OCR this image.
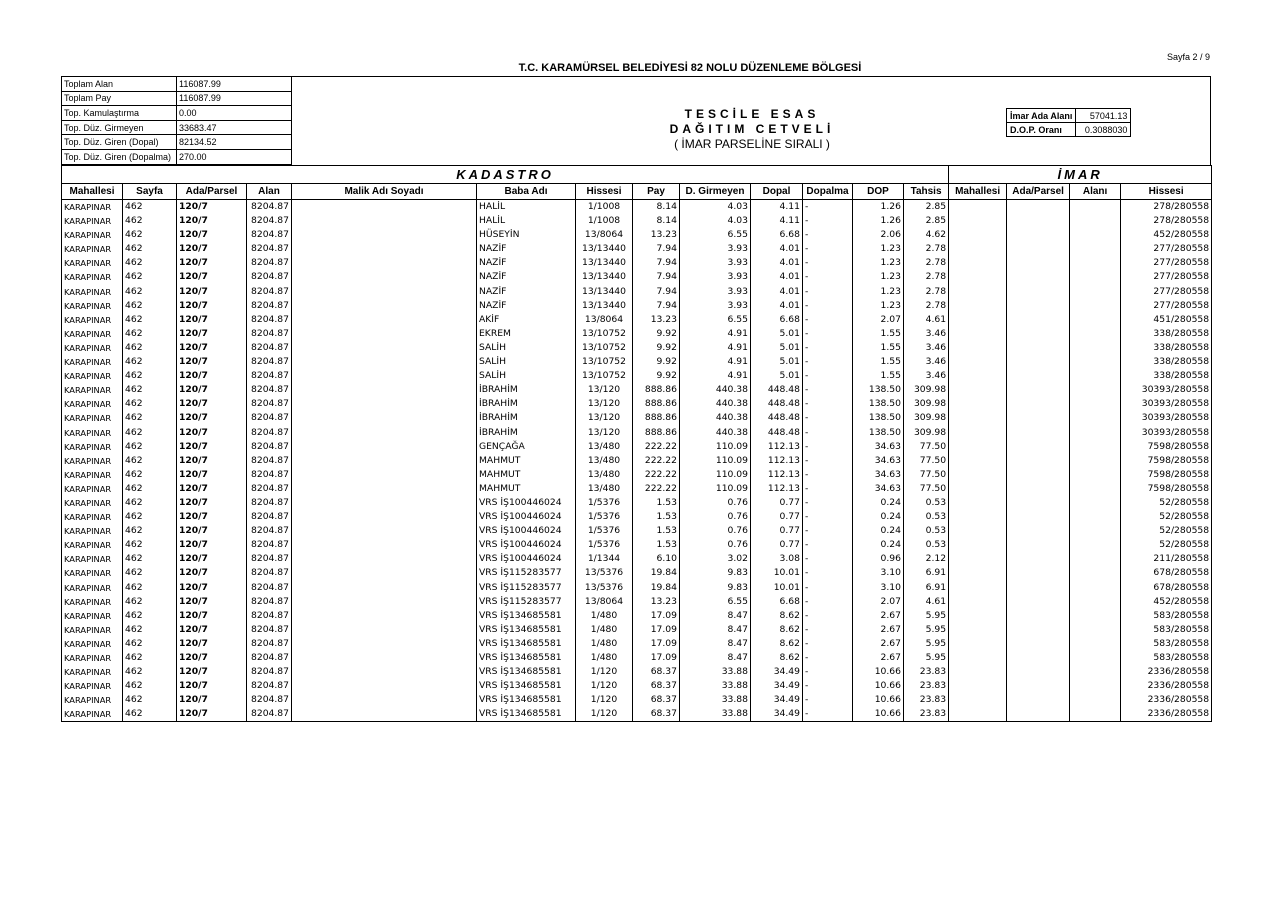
Sayfa 2 / 9
T.C. KARAMÜRSEL BELEDİYESİ 82 NOLU DÜZENLEME BÖLGESİ
Toplam Alan	116087.99
Toplam Pay	116087.99
Top. Kamulaştırma	0.00
Top. Düz. Girmeyen	33683.47
Top. Düz. Giren (Dopal)	82134.52
Top. Düz. Giren (Dopalma)	270.00
TESCİLE ESAS
DAĞITIM CETVELİ
( İMAR PARSELİNE SIRALI )
İmar Ada Alanı	57041.13
D.O.P. Oranı	0.3088030
KADASTRO													İMAR			
Mahallesi	Sayfa	Ada/Parsel	Alan	Malik Adı Soyadı	Baba Adı	Hissesi	Pay	D. Girmeyen	Dopal	Dopalma	DOP	Tahsis	Mahallesi	Ada/Parsel	Alanı	Hissesi
KARAPINAR	462	120/7	8204.87		HALİL	1/1008	8.14	4.03	4.11	-	1.26	2.85				278/280558
KARAPINAR	462	120/7	8204.87		HALİL	1/1008	8.14	4.03	4.11	-	1.26	2.85				278/280558
KARAPINAR	462	120/7	8204.87		HÜSEYİN	13/8064	13.23	6.55	6.68	-	2.06	4.62				452/280558
KARAPINAR	462	120/7	8204.87		NAZİF	13/13440	7.94	3.93	4.01	-	1.23	2.78				277/280558
KARAPINAR	462	120/7	8204.87		NAZİF	13/13440	7.94	3.93	4.01	-	1.23	2.78				277/280558
KARAPINAR	462	120/7	8204.87		NAZİF	13/13440	7.94	3.93	4.01	-	1.23	2.78				277/280558
KARAPINAR	462	120/7	8204.87		NAZİF	13/13440	7.94	3.93	4.01	-	1.23	2.78				277/280558
KARAPINAR	462	120/7	8204.87		NAZİF	13/13440	7.94	3.93	4.01	-	1.23	2.78				277/280558
KARAPINAR	462	120/7	8204.87		AKİF	13/8064	13.23	6.55	6.68	-	2.07	4.61				451/280558
KARAPINAR	462	120/7	8204.87		EKREM	13/10752	9.92	4.91	5.01	-	1.55	3.46				338/280558
KARAPINAR	462	120/7	8204.87		SALİH	13/10752	9.92	4.91	5.01	-	1.55	3.46				338/280558
KARAPINAR	462	120/7	8204.87		SALİH	13/10752	9.92	4.91	5.01	-	1.55	3.46				338/280558
KARAPINAR	462	120/7	8204.87		SALİH	13/10752	9.92	4.91	5.01	-	1.55	3.46				338/280558
KARAPINAR	462	120/7	8204.87		İBRAHİM	13/120	888.86	440.38	448.48	-	138.50	309.98				30393/280558
KARAPINAR	462	120/7	8204.87		İBRAHİM	13/120	888.86	440.38	448.48	-	138.50	309.98				30393/280558
KARAPINAR	462	120/7	8204.87		İBRAHİM	13/120	888.86	440.38	448.48	-	138.50	309.98				30393/280558
KARAPINAR	462	120/7	8204.87		İBRAHİM	13/120	888.86	440.38	448.48	-	138.50	309.98				30393/280558
KARAPINAR	462	120/7	8204.87		GENÇAĞA	13/480	222.22	110.09	112.13	-	34.63	77.50				7598/280558
KARAPINAR	462	120/7	8204.87		MAHMUT	13/480	222.22	110.09	112.13	-	34.63	77.50				7598/280558
KARAPINAR	462	120/7	8204.87		MAHMUT	13/480	222.22	110.09	112.13	-	34.63	77.50				7598/280558
KARAPINAR	462	120/7	8204.87		MAHMUT	13/480	222.22	110.09	112.13	-	34.63	77.50				7598/280558
KARAPINAR	462	120/7	8204.87		VRS İŞ100446024	1/5376	1.53	0.76	0.77	-	0.24	0.53				52/280558
KARAPINAR	462	120/7	8204.87		VRS İŞ100446024	1/5376	1.53	0.76	0.77	-	0.24	0.53				52/280558
KARAPINAR	462	120/7	8204.87		VRS İŞ100446024	1/5376	1.53	0.76	0.77	-	0.24	0.53				52/280558
KARAPINAR	462	120/7	8204.87		VRS İŞ100446024	1/5376	1.53	0.76	0.77	-	0.24	0.53				52/280558
KARAPINAR	462	120/7	8204.87		VRS İŞ100446024	1/1344	6.10	3.02	3.08	-	0.96	2.12				211/280558
KARAPINAR	462	120/7	8204.87		VRS İŞ115283577	13/5376	19.84	9.83	10.01	-	3.10	6.91				678/280558
KARAPINAR	462	120/7	8204.87		VRS İŞ115283577	13/5376	19.84	9.83	10.01	-	3.10	6.91				678/280558
KARAPINAR	462	120/7	8204.87		VRS İŞ115283577	13/8064	13.23	6.55	6.68	-	2.07	4.61				452/280558
KARAPINAR	462	120/7	8204.87		VRS İŞ134685581	1/480	17.09	8.47	8.62	-	2.67	5.95				583/280558
KARAPINAR	462	120/7	8204.87		VRS İŞ134685581	1/480	17.09	8.47	8.62	-	2.67	5.95				583/280558
KARAPINAR	462	120/7	8204.87		VRS İŞ134685581	1/480	17.09	8.47	8.62	-	2.67	5.95				583/280558
KARAPINAR	462	120/7	8204.87		VRS İŞ134685581	1/480	17.09	8.47	8.62	-	2.67	5.95				583/280558
KARAPINAR	462	120/7	8204.87		VRS İŞ134685581	1/120	68.37	33.88	34.49	-	10.66	23.83				2336/280558
KARAPINAR	462	120/7	8204.87		VRS İŞ134685581	1/120	68.37	33.88	34.49	-	10.66	23.83				2336/280558
KARAPINAR	462	120/7	8204.87		VRS İŞ134685581	1/120	68.37	33.88	34.49	-	10.66	23.83				2336/280558
KARAPINAR	462	120/7	8204.87		VRS İŞ134685581	1/120	68.37	33.88	34.49	-	10.66	23.83				2336/280558
